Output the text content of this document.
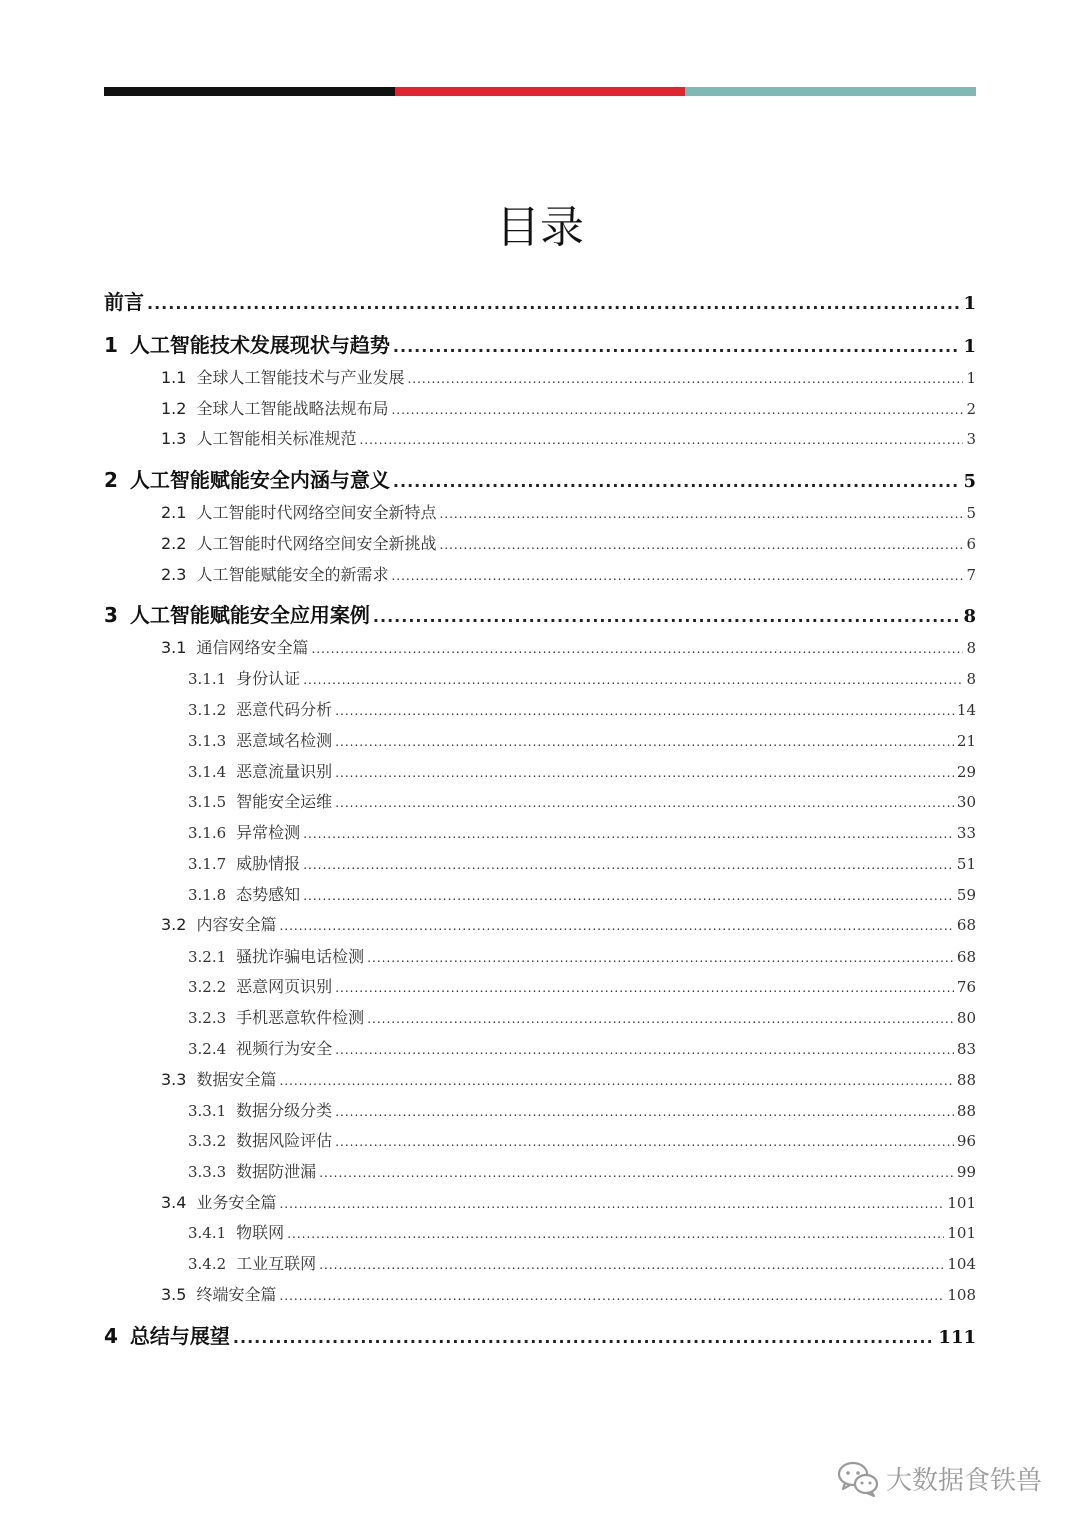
目录
前言 .....	1
1 人工智能技术发展现状与趋势 .....	1
1.1 全球人工智能技术与产业发展 .....	1
1.2 全球人工智能战略法规布局 .....	2
1.3 人工智能相关标准规范 .....	3
2 人工智能赋能安全内涵与意义 .....	5
2.1 人工智能时代网络空间安全新特点 .....	5
2.2 人工智能时代网络空间安全新挑战 .....	6
2.3 人工智能赋能安全的新需求 .....	7
3 人工智能赋能安全应用案例 .....	8
3.1 通信网络安全篇 .....	8
3.1.1 身份认证 .....	8
3.1.2 恶意代码分析 .....	14
3.1.3 恶意域名检测 .....	21
3.1.4 恶意流量识别 .....	29
3.1.5 智能安全运维 .....	30
3.1.6 异常检测 .....	33
3.1.7 威胁情报 .....	51
3.1.8 态势感知 .....	59
3.2 内容安全篇 .....	68
3.2.1 骚扰诈骗电话检测 .....	68
3.2.2 恶意网页识别 .....	76
3.2.3 手机恶意软件检测 .....	80
3.2.4 视频行为安全 .....	83
3.3 数据安全篇 .....	88
3.3.1 数据分级分类 .....	88
3.3.2 数据风险评估 .....	96
3.3.3 数据防泄漏 .....	99
3.4 业务安全篇 .....	101
3.4.1 物联网 .....	101
3.4.2 工业互联网 .....	104
3.5 终端安全篇 .....	108
4 总结与展望 .....	111
大数据食铁兽
